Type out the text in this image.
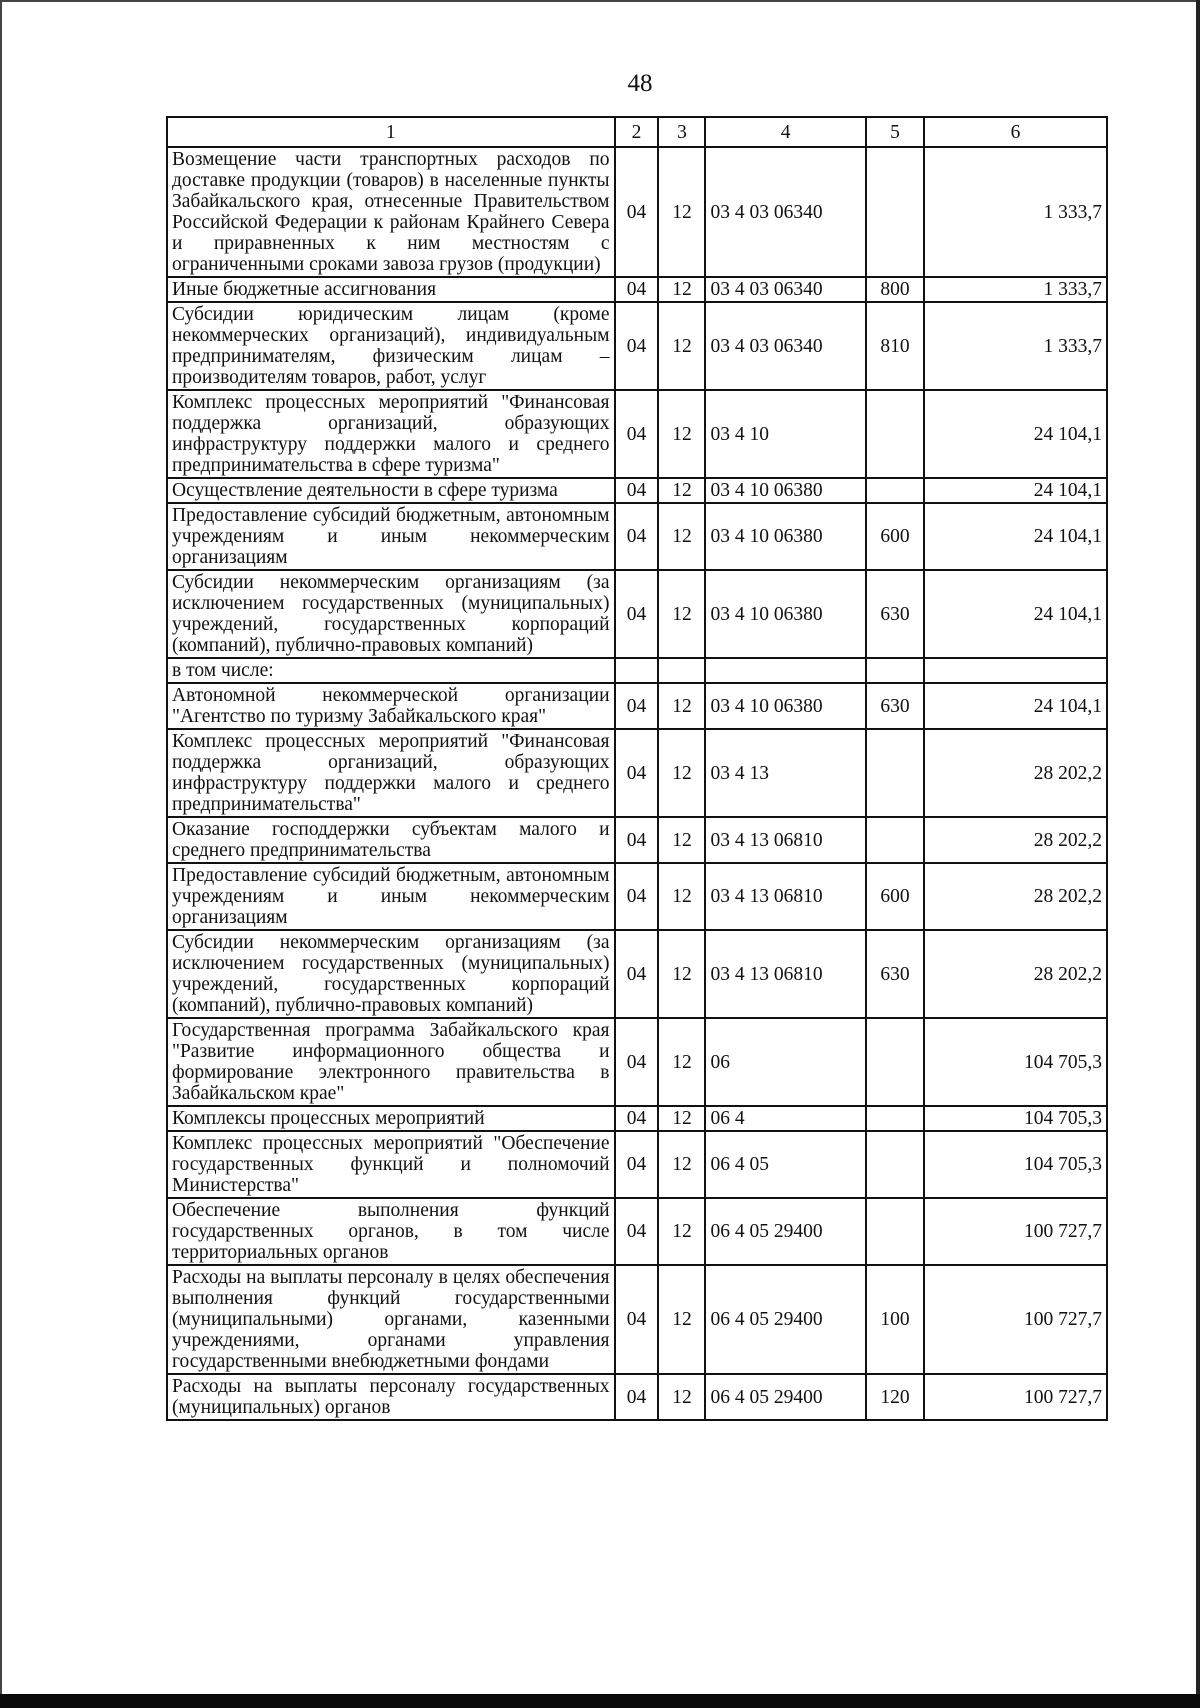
48
1	2	3	4	5	6
Возмещение части транспортных расходов по доставке продукции (товаров) в населенные пункты Забайкальского края, отнесенные Правительством Российской Федерации к районам Крайнего Севера и приравненных к ним местностям с ограниченными сроками завоза грузов (продукции)	04	12	03 4 03 06340		1 333,7
Иные бюджетные ассигнования	04	12	03 4 03 06340	800	1 333,7
Субсидии юридическим лицам (кроме некоммерческих организаций), индивидуальным предпринимателям, физическим лицам – производителям товаров, работ, услуг	04	12	03 4 03 06340	810	1 333,7
Комплекс процессных мероприятий "Финансовая поддержка организаций, образующих инфраструктуру поддержки малого и среднего предпринимательства в сфере туризма"	04	12	03 4 10		24 104,1
Осуществление деятельности в сфере туризма	04	12	03 4 10 06380		24 104,1
Предоставление субсидий бюджетным, автономным учреждениям и иным некоммерческим организациям	04	12	03 4 10 06380	600	24 104,1
Субсидии некоммерческим организациям (за исключением государственных (муниципальных) учреждений, государственных корпораций (компаний), публично-правовых компаний)	04	12	03 4 10 06380	630	24 104,1
в том числе:					
Автономной некоммерческой организации "Агентство по туризму Забайкальского края"	04	12	03 4 10 06380	630	24 104,1
Комплекс процессных мероприятий "Финансовая поддержка организаций, образующих инфраструктуру поддержки малого и среднего предпринимательства"	04	12	03 4 13		28 202,2
Оказание господдержки субъектам малого и среднего предпринимательства	04	12	03 4 13 06810		28 202,2
Предоставление субсидий бюджетным, автономным учреждениям и иным некоммерческим организациям	04	12	03 4 13 06810	600	28 202,2
Субсидии некоммерческим организациям (за исключением государственных (муниципальных) учреждений, государственных корпораций (компаний), публично-правовых компаний)	04	12	03 4 13 06810	630	28 202,2
Государственная программа Забайкальского края "Развитие информационного общества и формирование электронного правительства в Забайкальском крае"	04	12	06		104 705,3
Комплексы процессных мероприятий	04	12	06 4		104 705,3
Комплекс процессных мероприятий "Обеспечение государственных функций и полномочий Министерства"	04	12	06 4 05		104 705,3
Обеспечение выполнения функций государственных органов, в том числе территориальных органов	04	12	06 4 05 29400		100 727,7
Расходы на выплаты персоналу в целях обеспечения выполнения функций государственными (муниципальными) органами, казенными учреждениями, органами управления государственными внебюджетными фондами	04	12	06 4 05 29400	100	100 727,7
Расходы на выплаты персоналу государственных (муниципальных) органов	04	12	06 4 05 29400	120	100 727,7
